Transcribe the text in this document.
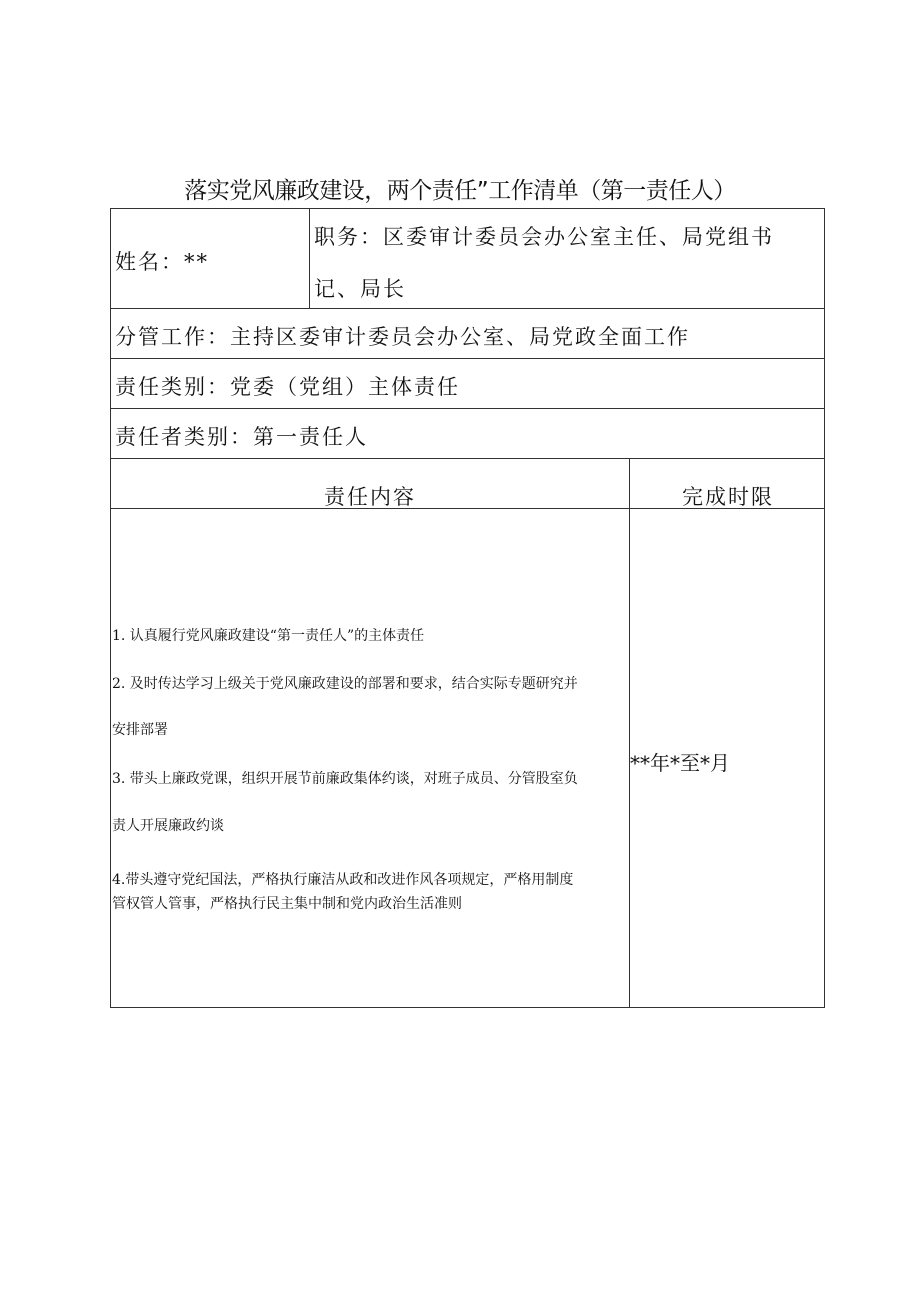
落实党风廉政建设，两个责任”工作清单（第一责任人）
姓名：**
职务：区委审计委员会办公室主任、局党组书
记、局长
分管工作：主持区委审计委员会办公室、局党政全面工作
责任类别：党委（党组）主体责任
责任者类别：第一责任人
责任内容	完成时限
1. 认真履行党风廉政建设“第一责任人”的主体责任
2. 及时传达学习上级关于党风廉政建设的部署和要求，结合实际专题研究并
安排部署
3. 带头上廉政党课，组织开展节前廉政集体约谈，对班子成员、分管股室负
责人开展廉政约谈
4.带头遵守党纪国法，严格执行廉洁从政和改进作风各项规定，严格用制度
管权管人管事，严格执行民主集中制和党内政治生活准则
**年*至*月
